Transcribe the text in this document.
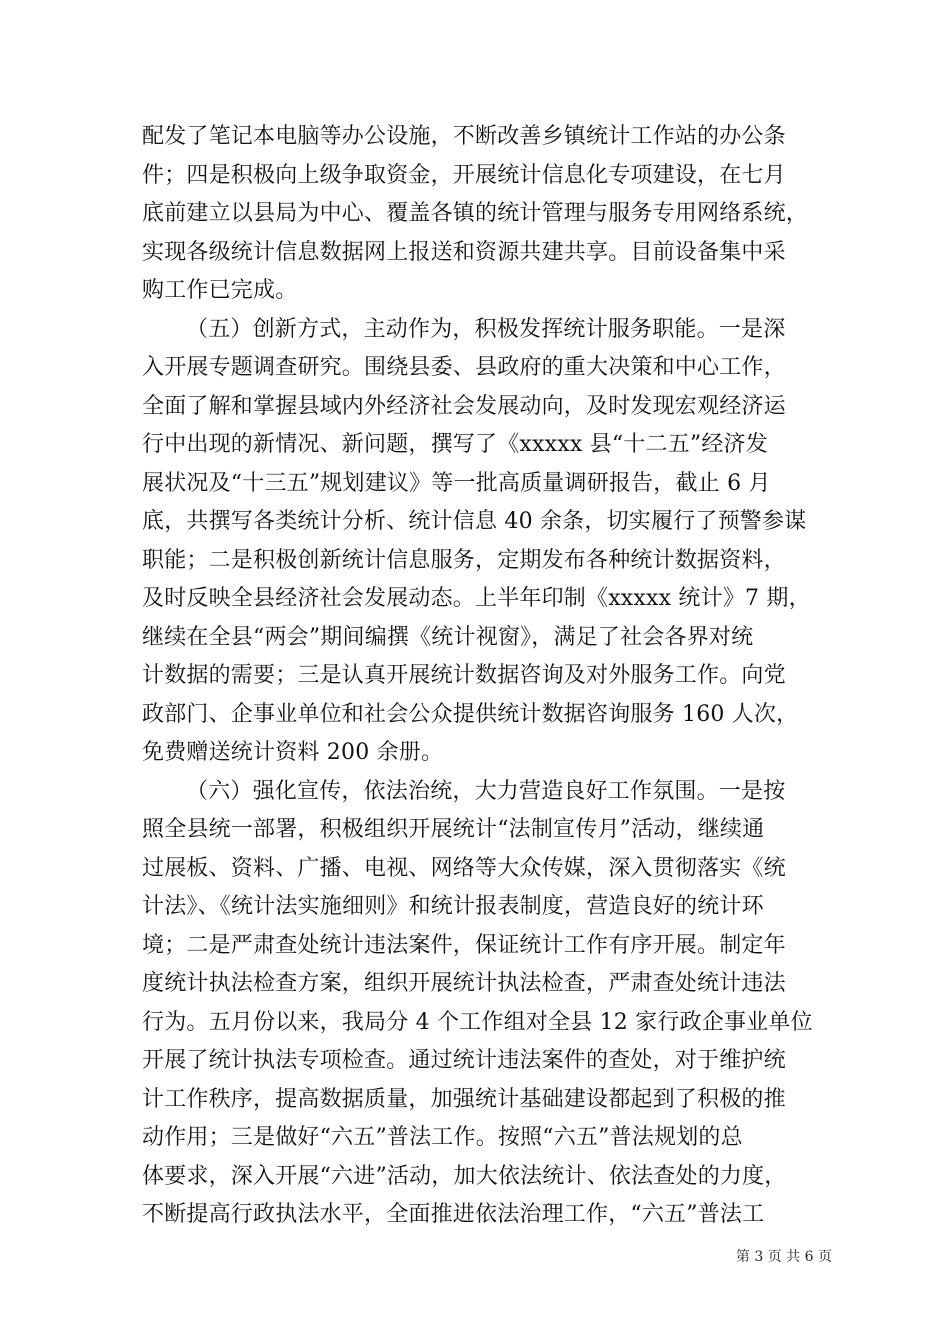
配发了笔记本电脑等办公设施，不断改善乡镇统计工作站的办公条
件；四是积极向上级争取资金，开展统计信息化专项建设，在七月
底前建立以县局为中心、覆盖各镇的统计管理与服务专用网络系统，
实现各级统计信息数据网上报送和资源共建共享。目前设备集中采
购工作已完成。
（五）创新方式，主动作为，积极发挥统计服务职能。一是深
入开展专题调查研究。围绕县委、县政府的重大决策和中心工作，
全面了解和掌握县域内外经济社会发展动向，及时发现宏观经济运
行中出现的新情况、新问题，撰写了《xxxxx 县“十二五”经济发
展状况及“十三五”规划建议》等一批高质量调研报告，截止 6 月
底，共撰写各类统计分析、统计信息 40 余条，切实履行了预警参谋
职能；二是积极创新统计信息服务，定期发布各种统计数据资料，
及时反映全县经济社会发展动态。上半年印制《xxxxx 统计》7 期，
继续在全县“两会”期间编撰《统计视窗》，满足了社会各界对统
计数据的需要；三是认真开展统计数据咨询及对外服务工作。向党
政部门、企事业单位和社会公众提供统计数据咨询服务 160 人次，
免费赠送统计资料 200 余册。
（六）强化宣传，依法治统，大力营造良好工作氛围。一是按
照全县统一部署，积极组织开展统计“法制宣传月”活动，继续通
过展板、资料、广播、电视、网络等大众传媒，深入贯彻落实《统
计法》、《统计法实施细则》和统计报表制度，营造良好的统计环
境；二是严肃查处统计违法案件，保证统计工作有序开展。制定年
度统计执法检查方案，组织开展统计执法检查，严肃查处统计违法
行为。五月份以来，我局分 4 个工作组对全县 12 家行政企事业单位
开展了统计执法专项检查。通过统计违法案件的查处，对于维护统
计工作秩序，提高数据质量，加强统计基础建设都起到了积极的推
动作用；三是做好“六五”普法工作。按照“六五”普法规划的总
体要求，深入开展“六进”活动，加大依法统计、依法查处的力度，
不断提高行政执法水平，全面推进依法治理工作，“六五”普法工
第 3 页 共 6 页
